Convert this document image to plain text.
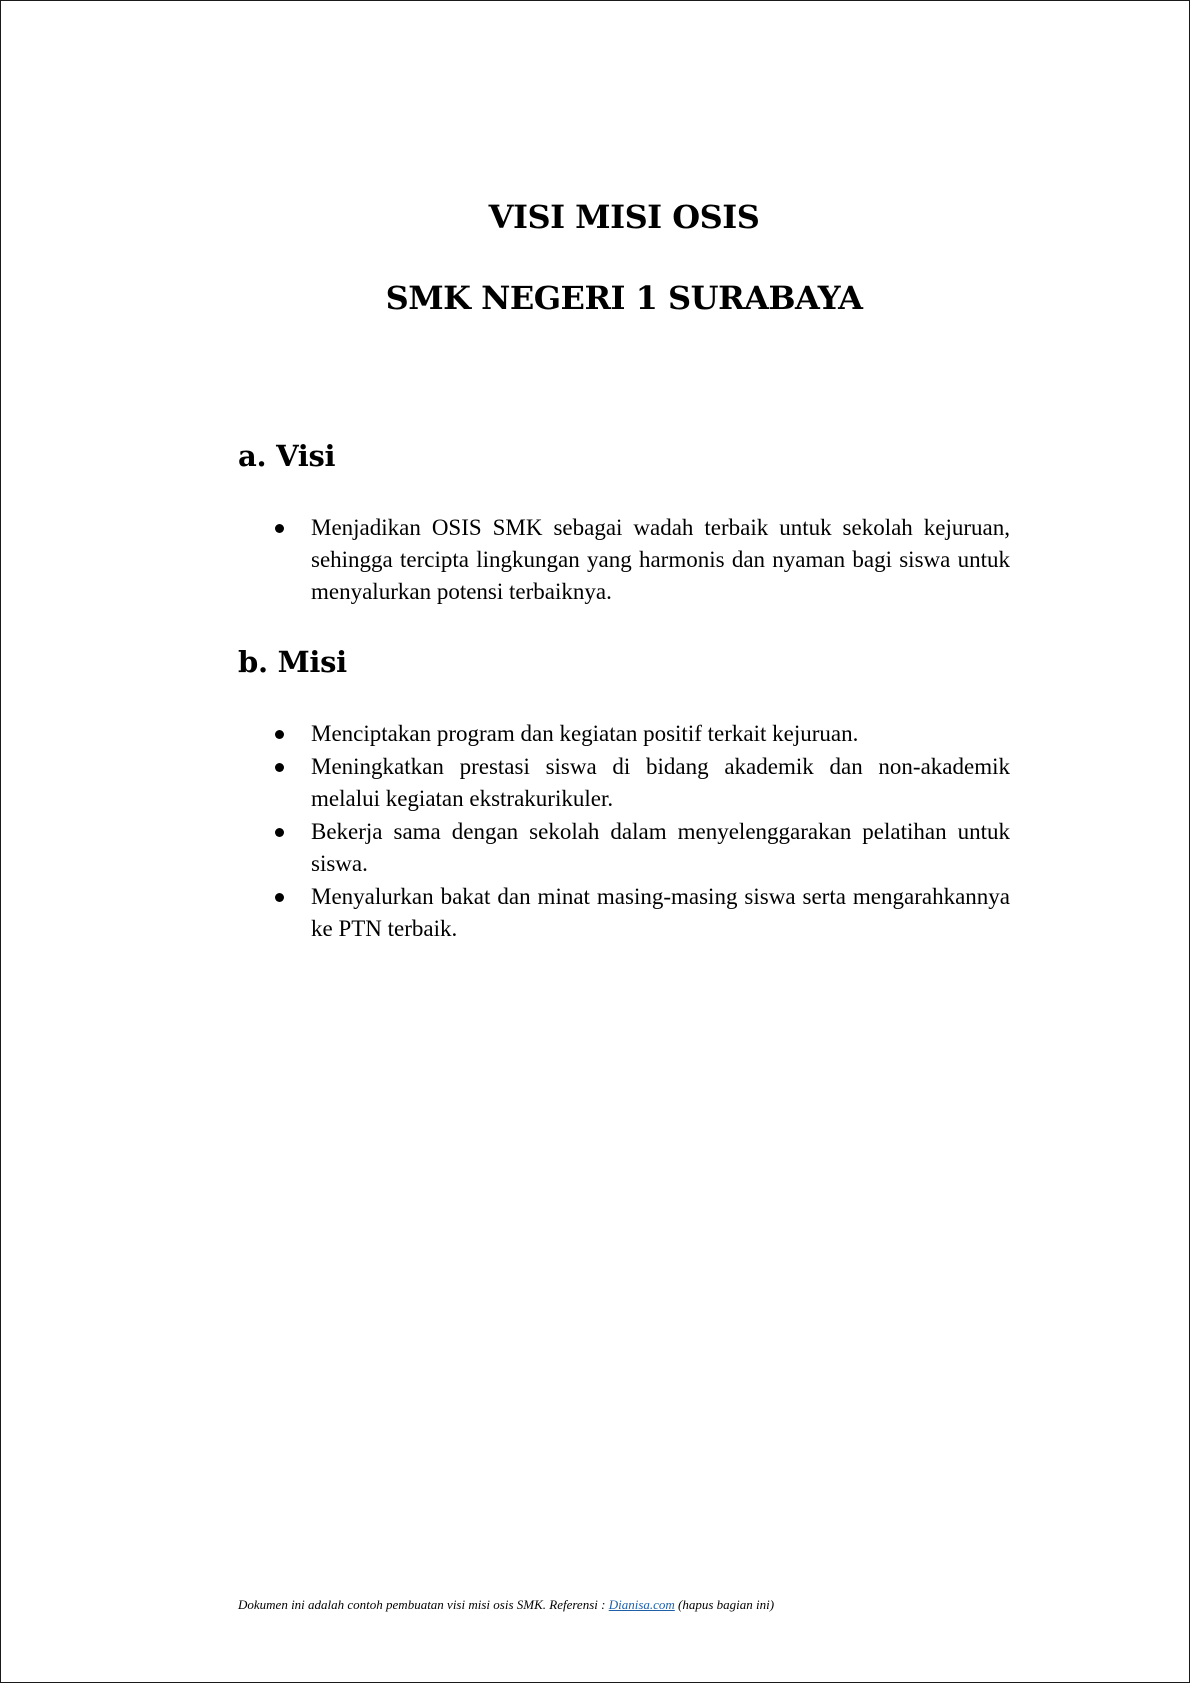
VISI MISI OSIS
SMK NEGERI 1 SURABAYA
a. Visi
Menjadikan OSIS SMK sebagai wadah terbaik untuk sekolah kejuruan, sehingga tercipta lingkungan yang harmonis dan nyaman bagi siswa untuk menyalurkan potensi terbaiknya.
b. Misi
Menciptakan program dan kegiatan positif terkait kejuruan.
Meningkatkan prestasi siswa di bidang akademik dan non-akademik melalui kegiatan ekstrakurikuler.
Bekerja sama dengan sekolah dalam menyelenggarakan pelatihan untuk siswa.
Menyalurkan bakat dan minat masing-masing siswa serta mengarahkannya ke PTN terbaik.
Dokumen ini adalah contoh pembuatan visi misi osis SMK. Referensi : Dianisa.com (hapus bagian ini)
